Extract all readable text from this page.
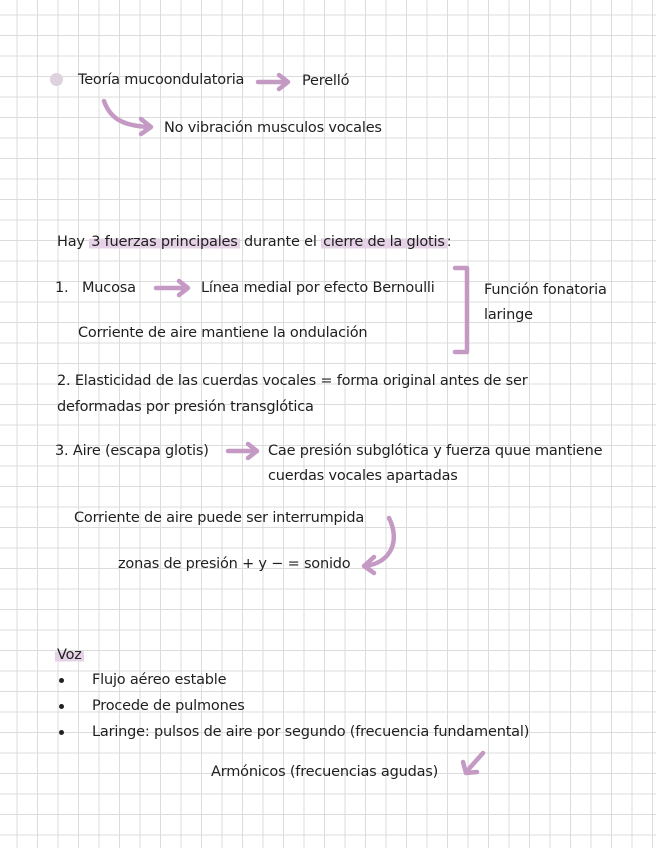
Teoría mucoondulatoria	Perelló
No vibración musculos vocales
Hay 3 fuerzas principales durante el cierre de la glotis :
1. Mucosa	Línea medial por efecto Bernoulli
Corriente de aire mantiene la ondulación
Función fonatoria
laringe
2. Elasticidad de las cuerdas vocales = forma original antes de ser
deformadas por presión transglótica
3. Aire (escapa glotis)	Cae presión subglótica y fuerza quue mantiene
cuerdas vocales apartadas
Corriente de aire puede ser interrumpida
zonas de presión + y − = sonido
Voz
Flujo aéreo estable
Procede de pulmones
Laringe: pulsos de aire por segundo (frecuencia fundamental)
Armónicos (frecuencias agudas)
